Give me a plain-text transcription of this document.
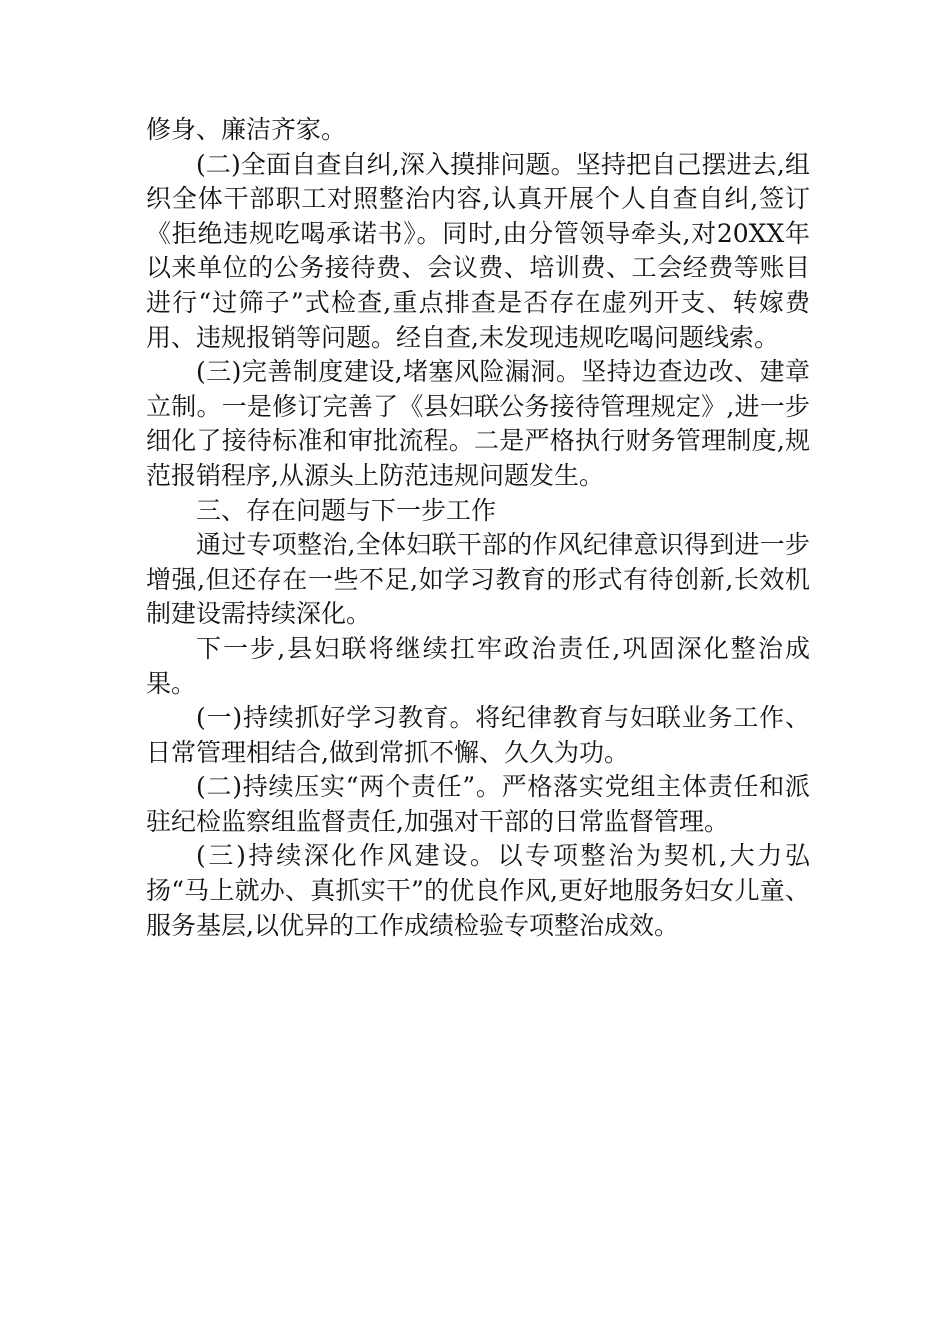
修身、廉洁齐家。

(二)全面自查自纠,深入摸排问题。坚持把自己摆进去,组织全体干部职工对照整治内容,认真开展个人自查自纠,签订《拒绝违规吃喝承诺书》。同时,由分管领导牵头,对20XX年以来单位的公务接待费、会议费、培训费、工会经费等账目进行“过筛子”式检查,重点排查是否存在虚列开支、转嫁费用、违规报销等问题。经自查,未发现违规吃喝问题线索。

(三)完善制度建设,堵塞风险漏洞。坚持边查边改、建章立制。一是修订完善了《县妇联公务接待管理规定》,进一步细化了接待标准和审批流程。二是严格执行财务管理制度,规范报销程序,从源头上防范违规问题发生。

三、存在问题与下一步工作

通过专项整治,全体妇联干部的作风纪律意识得到进一步增强,但还存在一些不足,如学习教育的形式有待创新,长效机制建设需持续深化。

下一步,县妇联将继续扛牢政治责任,巩固深化整治成果。

(一)持续抓好学习教育。将纪律教育与妇联业务工作、日常管理相结合,做到常抓不懈、久久为功。

(二)持续压实“两个责任”。严格落实党组主体责任和派驻纪检监察组监督责任,加强对干部的日常监督管理。

(三)持续深化作风建设。以专项整治为契机,大力弘扬“马上就办、真抓实干”的优良作风,更好地服务妇女儿童、服务基层,以优异的工作成绩检验专项整治成效。
